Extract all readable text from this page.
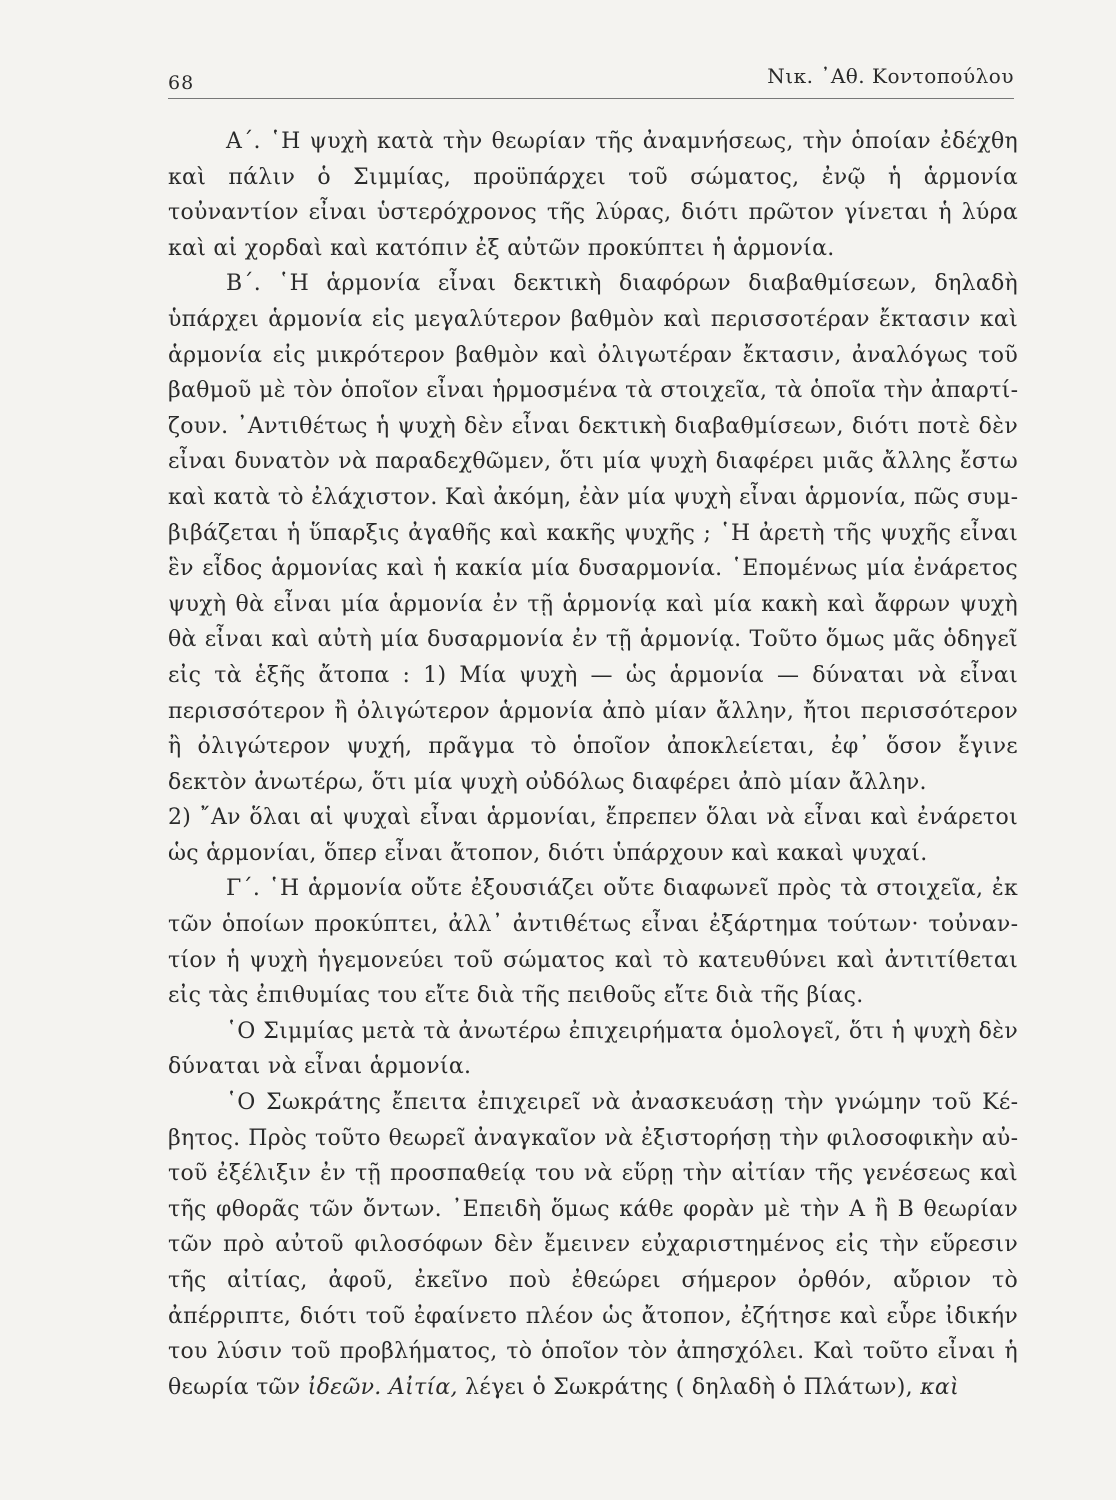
68	Νικ. ᾿Αθ. Κοντοπούλου

Α΄. ῾Η ψυχὴ κατὰ τὴν θεωρίαν τῆς ἀναμνήσεως, τὴν ὁποίαν ἐδέχθη καὶ πάλιν ὁ Σιμμίας, προϋπάρχει τοῦ σώματος, ἐνῷ ἡ ἁρμονία τοὐναντίον εἶναι ὑστερόχρονος τῆς λύρας, διότι πρῶτον γίνεται ἡ λύρα καὶ αἱ χορδαὶ καὶ κατόπιν ἐξ αὐτῶν προκύπτει ἡ ἁρμονία.

Β΄. ῾Η ἁρμονία εἶναι δεκτικὴ διαφόρων διαβαθμίσεων, δηλαδὴ ὑπάρχει ἁρμονία εἰς μεγαλύτερον βαθμὸν καὶ περισσοτέραν ἔκτασιν καὶ ἁρμονία εἰς μικρότερον βαθμὸν καὶ ὀλιγωτέραν ἔκτασιν, ἀναλόγως τοῦ βαθμοῦ μὲ τὸν ὁποῖον εἶναι ἡρμοσμένα τὰ στοιχεῖα, τὰ ὁποῖα τὴν ἀπαρτίζουν. ᾿Αντιθέτως ἡ ψυχὴ δὲν εἶναι δεκτικὴ διαβαθμίσεων, διότι ποτὲ δὲν εἶναι δυνατὸν νὰ παραδεχθῶμεν, ὅτι μία ψυχὴ διαφέρει μιᾶς ἄλλης ἔστω καὶ κατὰ τὸ ἐλάχιστον. Καὶ ἀκόμη, ἐὰν μία ψυχὴ εἶναι ἁρμονία, πῶς συμβιβάζεται ἡ ὕπαρξις ἀγαθῆς καὶ κακῆς ψυχῆς ; ῾Η ἀρετὴ τῆς ψυχῆς εἶναι ἓν εἶδος ἁρμονίας καὶ ἡ κακία μία δυσαρμονία. ῾Επομένως μία ἐνάρετος ψυχὴ θὰ εἶναι μία ἁρμονία ἐν τῇ ἁρμονίᾳ καὶ μία κακὴ καὶ ἄφρων ψυχὴ θὰ εἶναι καὶ αὐτὴ μία δυσαρμονία ἐν τῇ ἁρμονίᾳ. Τοῦτο ὅμως μᾶς ὁδηγεῖ εἰς τὰ ἑξῆς ἄτοπα : 1) Μία ψυχὴ — ὡς ἁρμονία — δύναται νὰ εἶναι περισσότερον ἢ ὀλιγώτερον ἁρμονία ἀπὸ μίαν ἄλλην, ἤτοι περισσότερον ἢ ὀλιγώτερον ψυχή, πρᾶγμα τὸ ὁποῖον ἀποκλείεται, ἐφ᾿ ὅσον ἔγινε δεκτὸν ἀνωτέρω, ὅτι μία ψυχὴ οὐδόλως διαφέρει ἀπὸ μίαν ἄλλην.

2) ῎Αν ὅλαι αἱ ψυχαὶ εἶναι ἁρμονίαι, ἔπρεπεν ὅλαι νὰ εἶναι καὶ ἐνάρετοι ὡς ἁρμονίαι, ὅπερ εἶναι ἄτοπον, διότι ὑπάρχουν καὶ κακαὶ ψυχαί.

Γ΄. ῾Η ἁρμονία οὔτε ἐξουσιάζει οὔτε διαφωνεῖ πρὸς τὰ στοιχεῖα, ἐκ τῶν ὁποίων προκύπτει, ἀλλ᾿ ἀντιθέτως εἶναι ἐξάρτημα τούτων· τοὐναντίον ἡ ψυχὴ ἡγεμονεύει τοῦ σώματος καὶ τὸ κατευθύνει καὶ ἀντιτίθεται εἰς τὰς ἐπιθυμίας του εἴτε διὰ τῆς πειθοῦς εἴτε διὰ τῆς βίας.

῾Ο Σιμμίας μετὰ τὰ ἀνωτέρω ἐπιχειρήματα ὁμολογεῖ, ὅτι ἡ ψυχὴ δὲν δύναται νὰ εἶναι ἁρμονία.

῾Ο Σωκράτης ἔπειτα ἐπιχειρεῖ νὰ ἀνασκευάσῃ τὴν γνώμην τοῦ Κέβητος. Πρὸς τοῦτο θεωρεῖ ἀναγκαῖον νὰ ἐξιστορήσῃ τὴν φιλοσοφικὴν αὐτοῦ ἐξέλιξιν ἐν τῇ προσπαθείᾳ του νὰ εὕρῃ τὴν αἰτίαν τῆς γενέσεως καὶ τῆς φθορᾶς τῶν ὄντων. ᾿Επειδὴ ὅμως κάθε φορὰν μὲ τὴν Α ἢ Β θεωρίαν τῶν πρὸ αὐτοῦ φιλοσόφων δὲν ἔμεινεν εὐχαριστημένος εἰς τὴν εὕρεσιν τῆς αἰτίας, ἀφοῦ, ἐκεῖνο ποὺ ἐθεώρει σήμερον ὀρθόν, αὔριον τὸ ἀπέρριπτε, διότι τοῦ ἐφαίνετο πλέον ὡς ἄτοπον, ἐζήτησε καὶ εὗρε ἰδικήν του λύσιν τοῦ προβλήματος, τὸ ὁποῖον τὸν ἀπησχόλει. Καὶ τοῦτο εἶναι ἡ θεωρία τῶν ἰδεῶν. Αἰτία, λέγει ὁ Σωκράτης ( δηλαδὴ ὁ Πλάτων), καὶ
